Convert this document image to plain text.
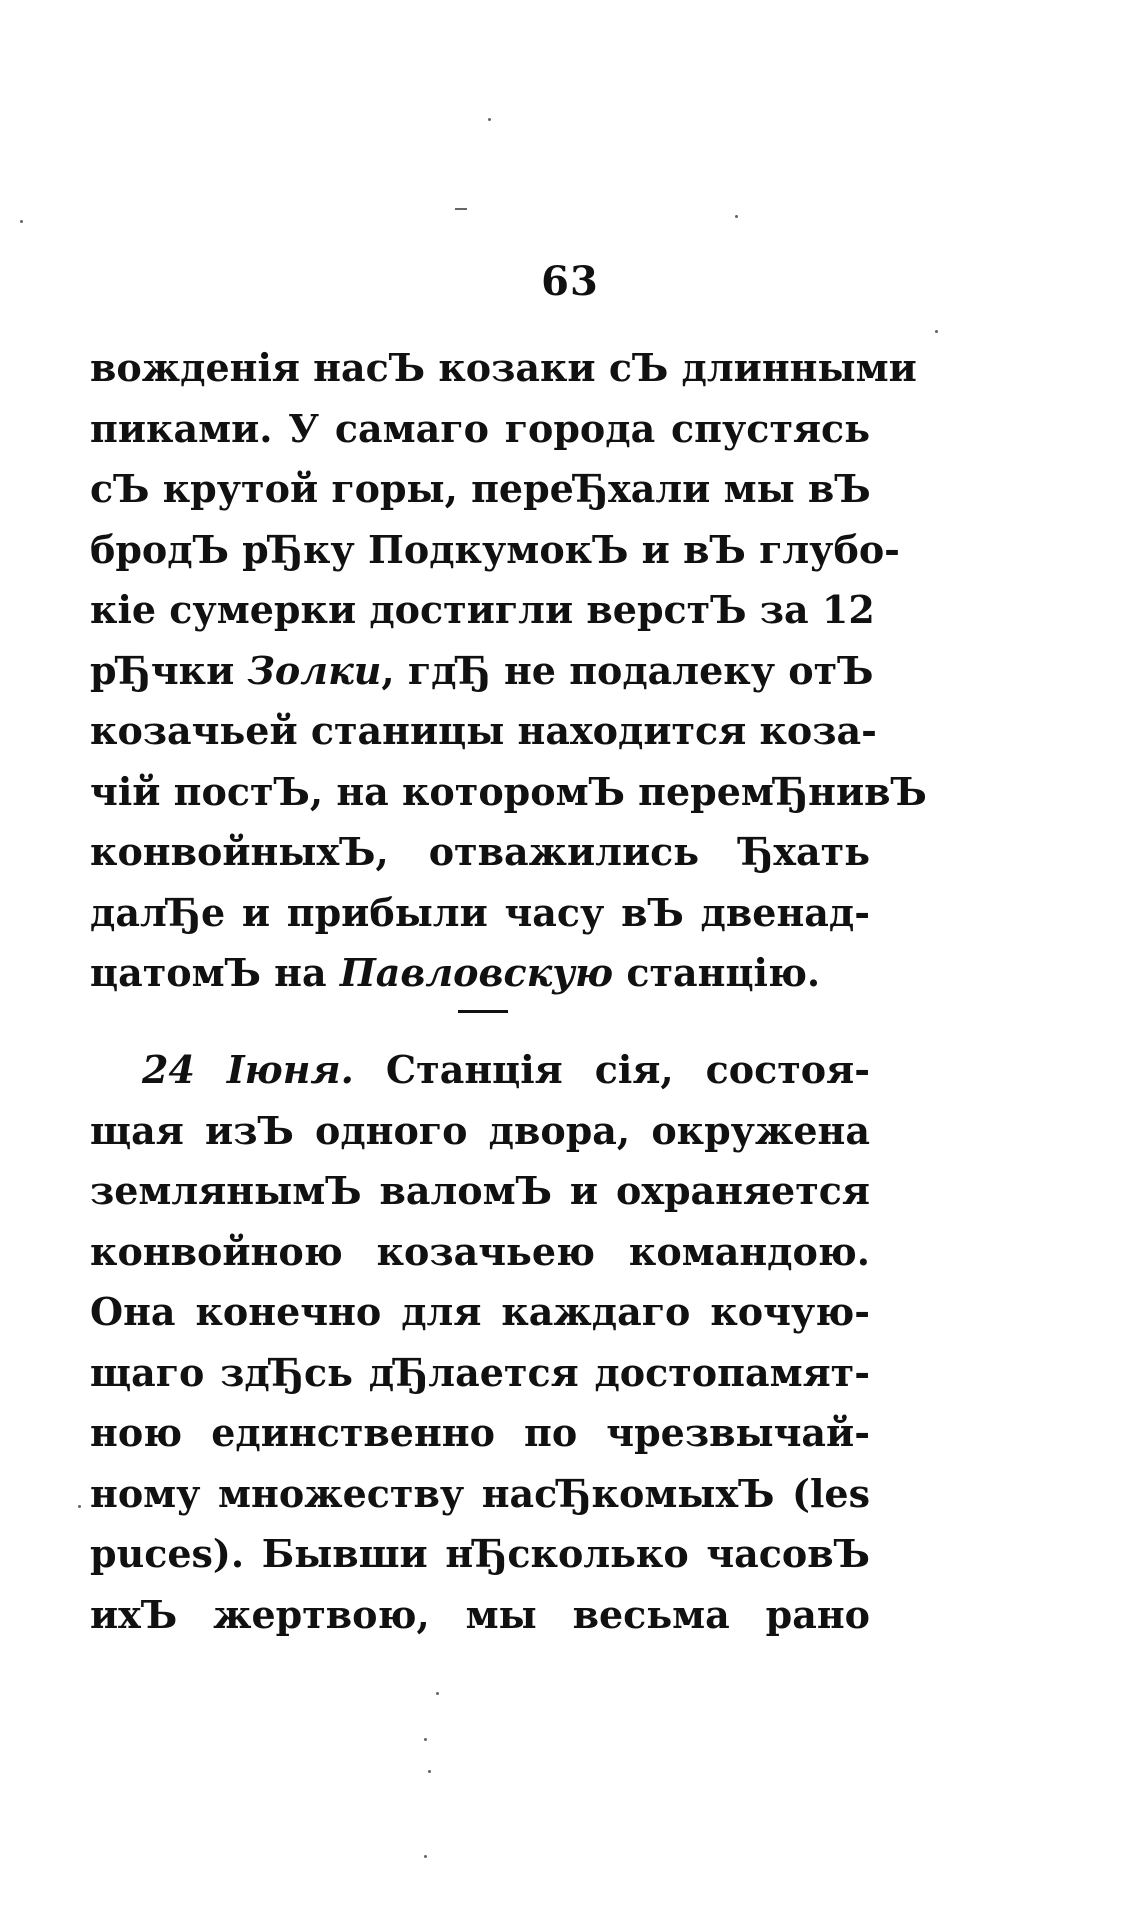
63
вожденія насЪ козаки сЪ длинными
пиками. У самаго города спустясь
сЪ крутой горы, переЂхали мы вЪ
бродЪ рЂку ПодкумокЪ и вЪ глубо-
кіе сумерки достигли верстЪ за 12
рЂчки Золки, гдЂ не подалеку отЪ
козачьей станицы находится коза-
чій постЪ, на которомЪ перемЂнивЪ
конвойныхЪ, отважились Ђхать
далЂе и прибыли часу вЪ двенад-
цатомЪ на Павловскую станцію.
24 Іюня. Станція сія, состоя-
щая изЪ одного двора, окружена
землянымЪ валомЪ и охраняется
конвойною козачьею командою.
Она конечно для каждаго кочую-
щаго здЂсь дЂлается достопамят-
ною единственно по чрезвычай-
ному множеству насЂкомыхЪ (les
puces). Бывши нЂсколько часовЪ
ихЪ жертвою, мы весьма рано
